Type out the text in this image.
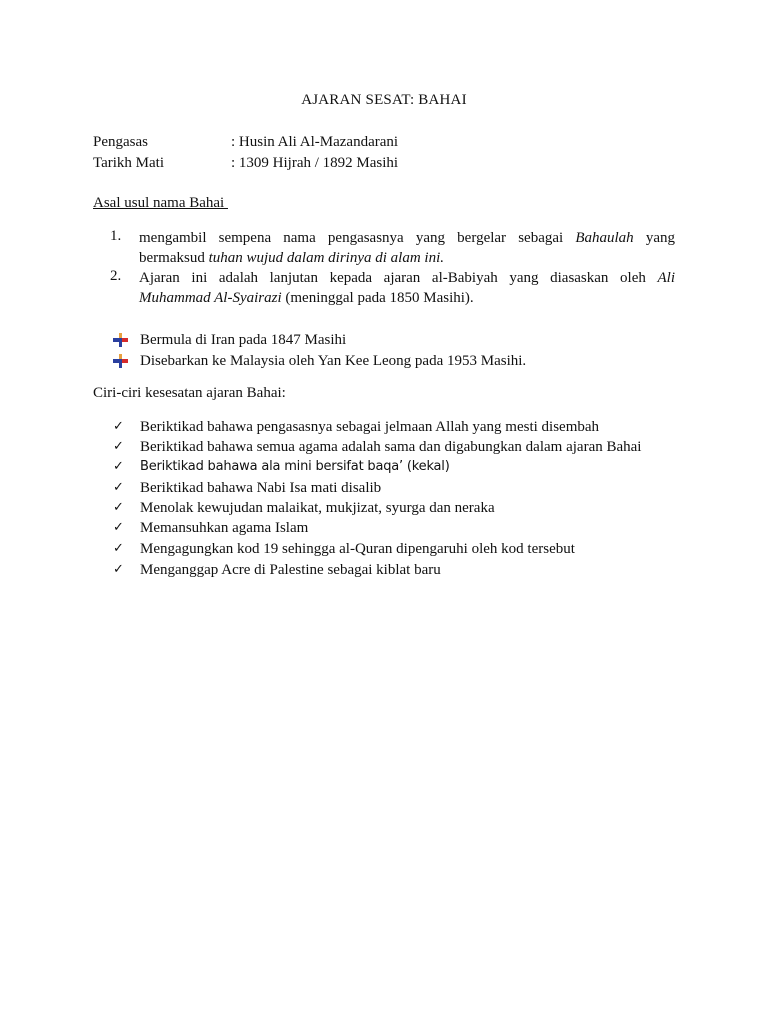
AJARAN SESAT: BAHAI
Pengasas	: Husin Ali Al-Mazandarani
Tarikh Mati	: 1309 Hijrah / 1892 Masihi
Asal usul nama Bahai
1. mengambil sempena nama pengasasnya yang bergelar sebagai Bahaulah yang
bermaksud tuhan wujud dalam dirinya di alam ini.
2. Ajaran ini adalah lanjutan kepada ajaran al-Babiyah yang diasaskan oleh Ali
Muhammad Al-Syairazi (meninggal pada 1850 Masihi).
Bermula di Iran pada 1847 Masihi
Disebarkan ke Malaysia oleh Yan Kee Leong pada 1953 Masihi.
Ciri-ciri kesesatan ajaran Bahai:
✓ Beriktikad bahawa pengasasnya sebagai jelmaan Allah yang mesti disembah
✓ Beriktikad bahawa semua agama adalah sama dan digabungkan dalam ajaran Bahai
✓ Beriktikad bahawa ala mini bersifat baqa’ (kekal)
✓ Beriktikad bahawa Nabi Isa mati disalib
✓ Menolak kewujudan malaikat, mukjizat, syurga dan neraka
✓ Memansuhkan agama Islam
✓ Mengagungkan kod 19 sehingga al-Quran dipengaruhi oleh kod tersebut
✓ Menganggap Acre di Palestine sebagai kiblat baru
